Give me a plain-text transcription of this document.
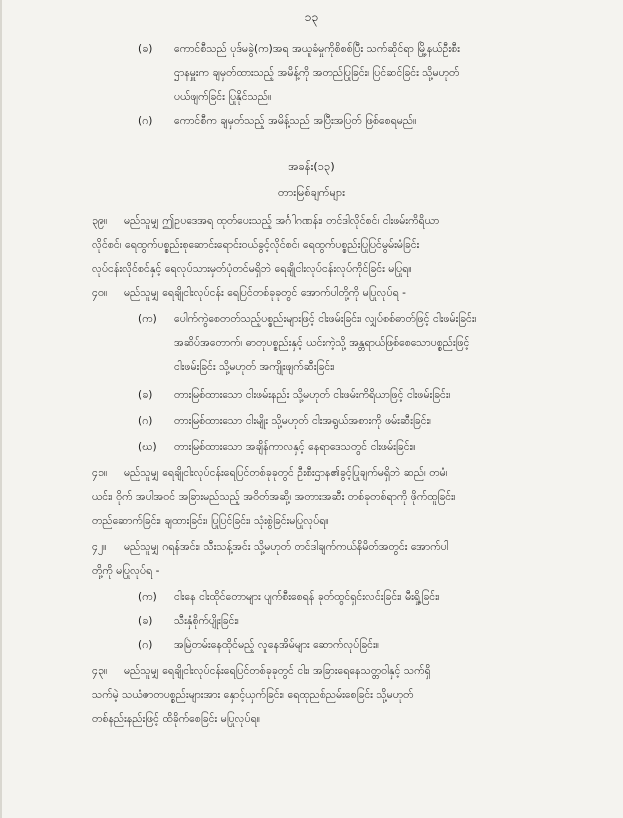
၁၃
(ခ) ကောင်စီသည် ပုဒ်မခွဲ(က)အရ အယူခံမှုကိုစိစစ်ပြီး သက်ဆိုင်ရာ မြို့နယ်ဦးစီး
ဌာနမှူးက ချမှတ်ထားသည့် အမိန့်ကို အတည်ပြုခြင်း၊ ပြင်ဆင်ခြင်း သို့မဟုတ်
ပယ်ဖျက်ခြင်း ပြုနိုင်သည်။
(ဂ) ကောင်စီက ချမှတ်သည့် အမိန့်သည် အပြီးအပြတ် ဖြစ်စေရမည်။
အခန်း(၁၃)
တားမြစ်ချက်များ
၃၉။ မည်သူမျှ ဤဥပဒေအရ ထုတ်ပေးသည့် အင်္ဂါဂဏန်း၊ တင်ဒါလိုင်စင်၊ ငါးဖမ်းကိရိယာ
လိုင်စင်၊ ရေထွက်ပစ္စည်းစုဆောင်းရောင်းဝယ်ခွင့်လိုင်စင်၊ ရေထွက်ပစ္စည်းပြုပြင်မွမ်းမံခြင်း
လုပ်ငန်းလိုင်စင်နှင့် ရေလုပ်သားမှတ်ပုံတင်မရှိဘဲ ရေချိုငါးလုပ်ငန်းလုပ်ကိုင်ခြင်း မပြုရ။
၄၀။ မည်သူမျှ ရေချိုငါးလုပ်ငန်း ရေပြင်တစ်ခုခုတွင် အောက်ပါတို့ကို မပြုလုပ်ရ -
(က) ပေါက်ကွဲစေတတ်သည့်ပစ္စည်းများဖြင့် ငါးဖမ်းခြင်း၊ လျှပ်စစ်ဓာတ်ဖြင့် ငါးဖမ်းခြင်း၊
အဆိပ်အတောက်၊ ဓာတုပစ္စည်းနှင့် ယင်းကဲ့သို့ အန္တရာယ်ဖြစ်စေသောပစ္စည်းဖြင့်
ငါးဖမ်းခြင်း သို့မဟုတ် အကျိုးဖျက်ဆီးခြင်း၊
(ခ) တားမြစ်ထားသော ငါးဖမ်းနည်း သို့မဟုတ် ငါးဖမ်းကိရိယာဖြင့် ငါးဖမ်းခြင်း၊
(ဂ) တားမြစ်ထားသော ငါးမျိုး သို့မဟုတ် ငါးအရွယ်အစားကို ဖမ်းဆီးခြင်း၊
(ဃ) တားမြစ်ထားသော အချိန်ကာလနှင့် နေရာဒေသတွင် ငါးဖမ်းခြင်း။
၄၁။ မည်သူမျှ ရေချိုငါးလုပ်ငန်းရေပြင်တစ်ခုခုတွင် ဦးစီးဌာန၏ခွင့်ပြုချက်မရှိဘဲ ဆည်၊ တမံ၊
ယင်း၊ ဝိုက် အပါအဝင် အခြားမည်သည့် အဝိတ်အဆို့၊ အတားအဆီး တစ်ခုတစ်ရာကို ဖိုက်ထူခြင်း၊
တည်ဆောက်ခြင်း၊ ချထားခြင်း၊ ပြုပြင်ခြင်း၊ သုံးစွဲခြင်းမပြုလုပ်ရ။
၄၂။ မည်သူမျှ ဂရန်အင်း၊ သီးသန့်အင်း သို့မဟုတ် တင်ဒါချက်ကယ်နိမိတ်အတွင်း အောက်ပါ
တို့ကို မပြုလုပ်ရ -
(က) ငါးနေ ငါးထိုင်တောများ ပျက်စီးစေရန် ခုတ်ထွင်ရှင်းလင်းခြင်း၊ မီးရှို့ခြင်း၊
(ခ) သီးနှံစိုက်ပျိုးခြင်း၊
(ဂ) အမြဲတမ်းနေထိုင်မည့် လူနေအိမ်များ ဆောက်လုပ်ခြင်း။
၄၃။ မည်သူမျှ ရေချိုငါးလုပ်ငန်းရေပြင်တစ်ခုခုတွင် ငါး၊ အခြားရေနေသတ္တဝါနှင့် သက်ရှိ
သက်မဲ့ သယံဇာတပစ္စည်းများအား နှောင့်ယှက်ခြင်း၊ ရေထုညစ်ညမ်းစေခြင်း သို့မဟုတ်
တစ်နည်းနည်းဖြင့် ထိခိုက်စေခြင်း မပြုလုပ်ရ။
